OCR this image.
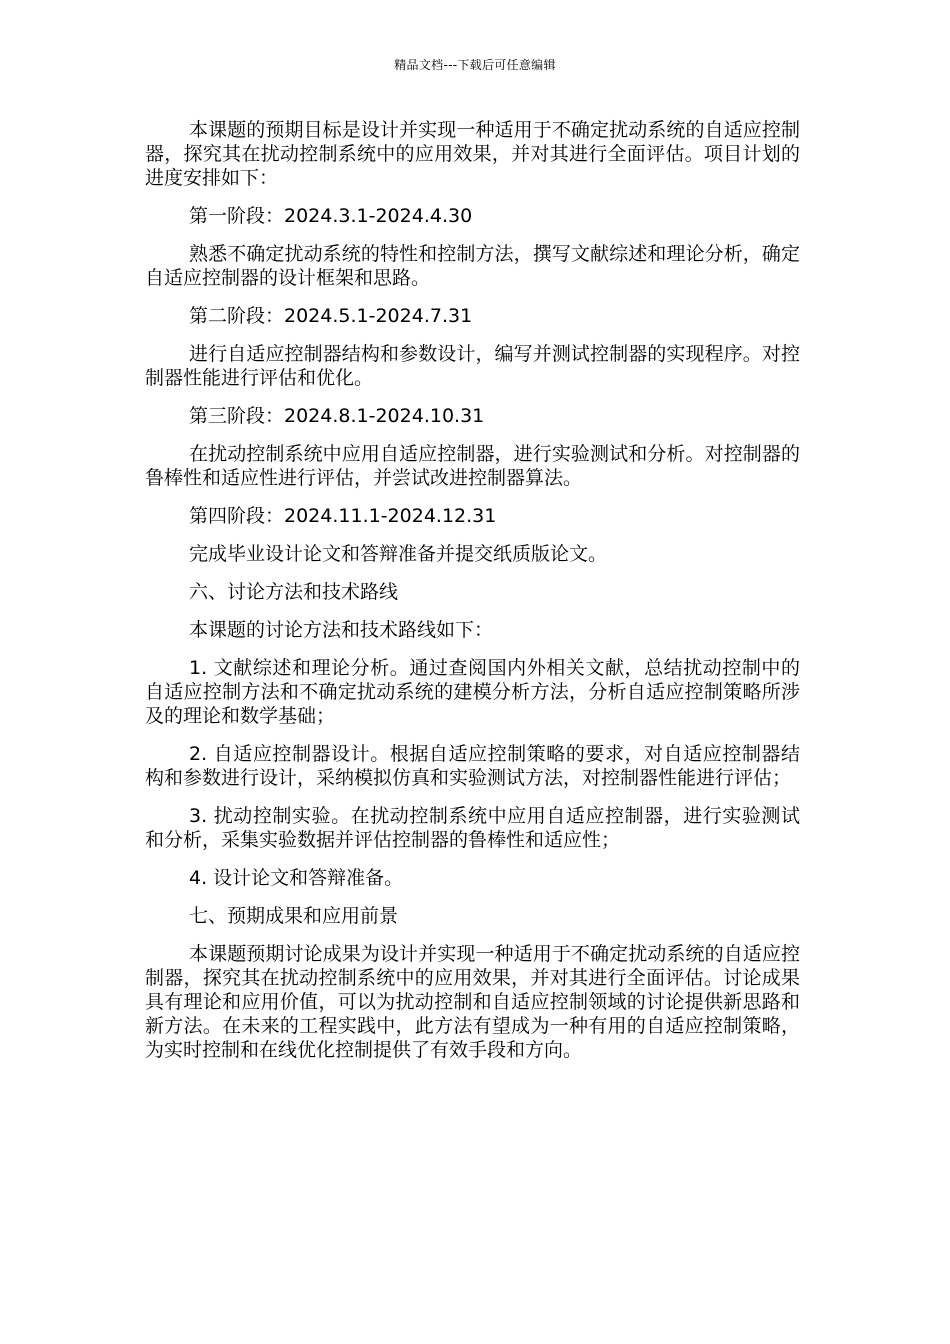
精品文档---下载后可任意编辑

本课题的预期目标是设计并实现一种适用于不确定扰动系统的自适应控制器，探究其在扰动控制系统中的应用效果，并对其进行全面评估。项目计划的进度安排如下：

第一阶段：2024.3.1-2024.4.30

熟悉不确定扰动系统的特性和控制方法，撰写文献综述和理论分析，确定自适应控制器的设计框架和思路。

第二阶段：2024.5.1-2024.7.31

进行自适应控制器结构和参数设计，编写并测试控制器的实现程序。对控制器性能进行评估和优化。

第三阶段：2024.8.1-2024.10.31

在扰动控制系统中应用自适应控制器，进行实验测试和分析。对控制器的鲁棒性和适应性进行评估，并尝试改进控制器算法。

第四阶段：2024.11.1-2024.12.31

完成毕业设计论文和答辩准备并提交纸质版论文。

六、讨论方法和技术路线

本课题的讨论方法和技术路线如下：

1. 文献综述和理论分析。通过查阅国内外相关文献，总结扰动控制中的自适应控制方法和不确定扰动系统的建模分析方法，分析自适应控制策略所涉及的理论和数学基础；

2. 自适应控制器设计。根据自适应控制策略的要求，对自适应控制器结构和参数进行设计，采纳模拟仿真和实验测试方法，对控制器性能进行评估；

3. 扰动控制实验。在扰动控制系统中应用自适应控制器，进行实验测试和分析，采集实验数据并评估控制器的鲁棒性和适应性；

4. 设计论文和答辩准备。

七、预期成果和应用前景

本课题预期讨论成果为设计并实现一种适用于不确定扰动系统的自适应控制器，探究其在扰动控制系统中的应用效果，并对其进行全面评估。讨论成果具有理论和应用价值，可以为扰动控制和自适应控制领域的讨论提供新思路和新方法。在未来的工程实践中，此方法有望成为一种有用的自适应控制策略，为实时控制和在线优化控制提供了有效手段和方向。
